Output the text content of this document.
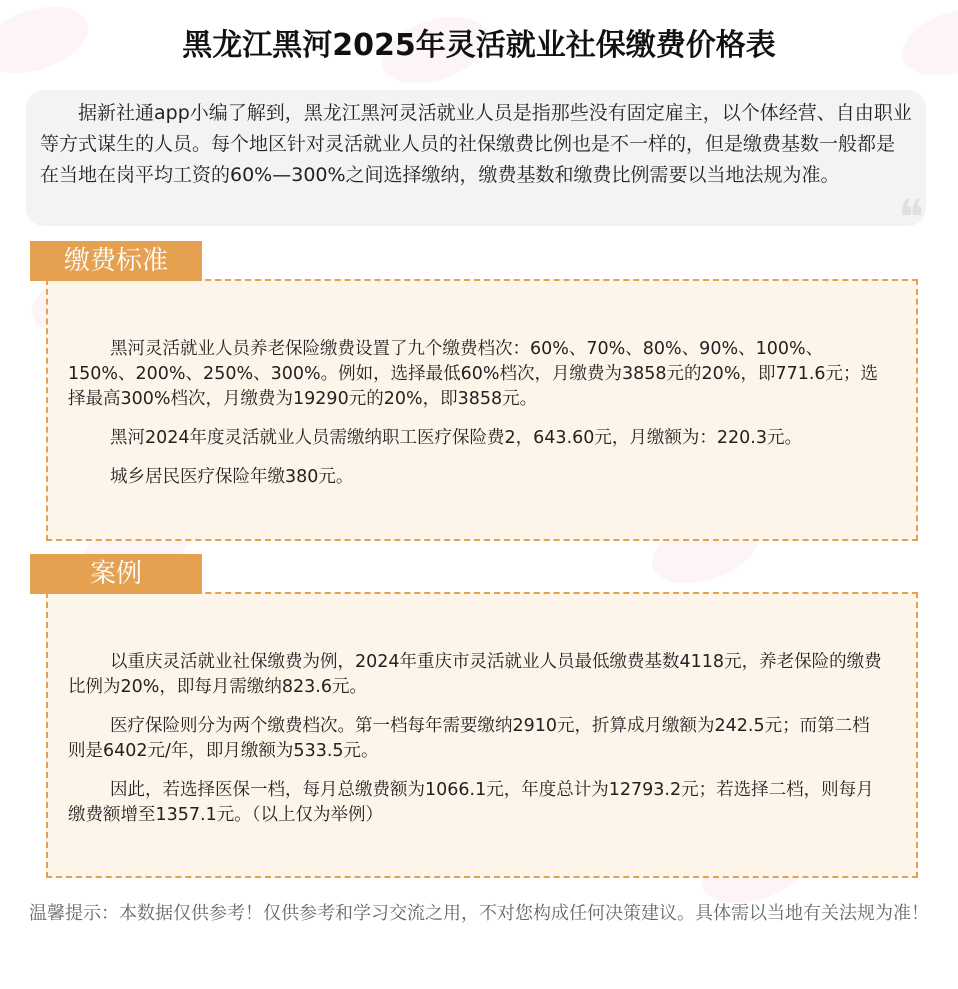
黑龙江黑河2025年灵活就业社保缴费价格表

据新社通app小编了解到，黑龙江黑河灵活就业人员是指那些没有固定雇主，以个体经营、自由职业等方式谋生的人员。每个地区针对灵活就业人员的社保缴费比例也是不一样的，但是缴费基数一般都是在当地在岗平均工资的60%—300%之间选择缴纳，缴费基数和缴费比例需要以当地法规为准。

❝
缴费标准

黑河灵活就业人员养老保险缴费设置了九个缴费档次：60%、70%、80%、90%、100%、150%、200%、250%、300%。例如，选择最低60%档次，月缴费为3858元的20%，即771.6元；选择最高300%档次，月缴费为19290元的20%，即3858元。

黑河2024年度灵活就业人员需缴纳职工医疗保险费2，643.60元，月缴额为：220.3元。

城乡居民医疗保险年缴380元。

案例

以重庆灵活就业社保缴费为例，2024年重庆市灵活就业人员最低缴费基数4118元，养老保险的缴费比例为20%，即每月需缴纳823.6元。

医疗保险则分为两个缴费档次。第一档每年需要缴纳2910元，折算成月缴额为242.5元；而第二档则是6402元/年，即月缴额为533.5元。

因此，若选择医保一档，每月总缴费额为1066.1元，年度总计为12793.2元；若选择二档，则每月缴费额增至1357.1元。（以上仅为举例）

温馨提示：本数据仅供参考！仅供参考和学习交流之用，不对您构成任何决策建议。具体需以当地有关法规为准！
